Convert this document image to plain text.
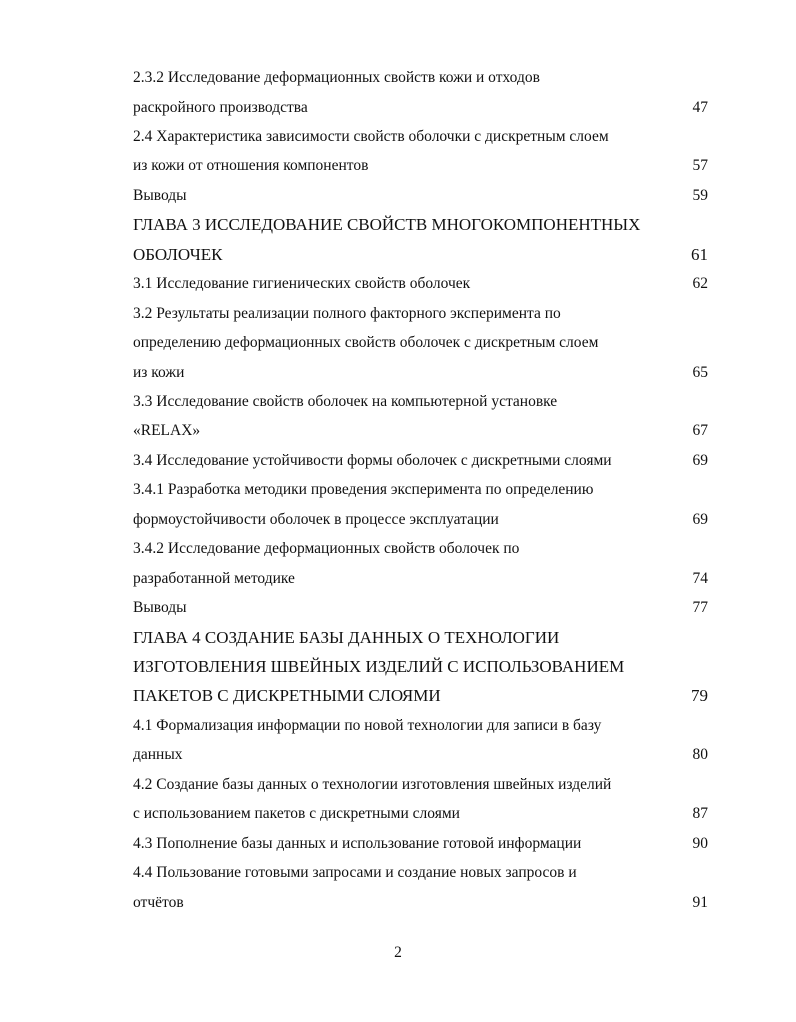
2.3.2 Исследование деформационных свойств кожи и отходов
раскройного производства	47
2.4 Характеристика зависимости свойств оболочки с дискретным слоем
из кожи от отношения компонентов	57
Выводы	59
ГЛАВА 3 ИССЛЕДОВАНИЕ СВОЙСТВ МНОГОКОМПОНЕНТНЫХ
ОБОЛОЧЕК	61
3.1 Исследование гигиенических свойств оболочек	62
3.2 Результаты реализации полного факторного эксперимента по
определению деформационных свойств оболочек с дискретным слоем
из кожи	65
3.3 Исследование свойств оболочек на компьютерной установке
«RELAX»	67
3.4 Исследование устойчивости формы оболочек с дискретными слоями	69
3.4.1 Разработка методики проведения эксперимента по определению
формоустойчивости оболочек в процессе эксплуатации	69
3.4.2 Исследование деформационных свойств оболочек по
разработанной методике	74
Выводы	77
ГЛАВА 4 СОЗДАНИЕ БАЗЫ ДАННЫХ О ТЕХНОЛОГИИ
ИЗГОТОВЛЕНИЯ ШВЕЙНЫХ ИЗДЕЛИЙ С ИСПОЛЬЗОВАНИЕМ
ПАКЕТОВ С ДИСКРЕТНЫМИ СЛОЯМИ	79
4.1 Формализация информации по новой технологии для записи в базу
данных	80
4.2 Создание базы данных о технологии изготовления швейных изделий
с использованием пакетов с дискретными слоями	87
4.3 Пополнение базы данных и использование готовой информации	90
4.4 Пользование готовыми запросами и создание новых запросов и
отчётов	91
2
